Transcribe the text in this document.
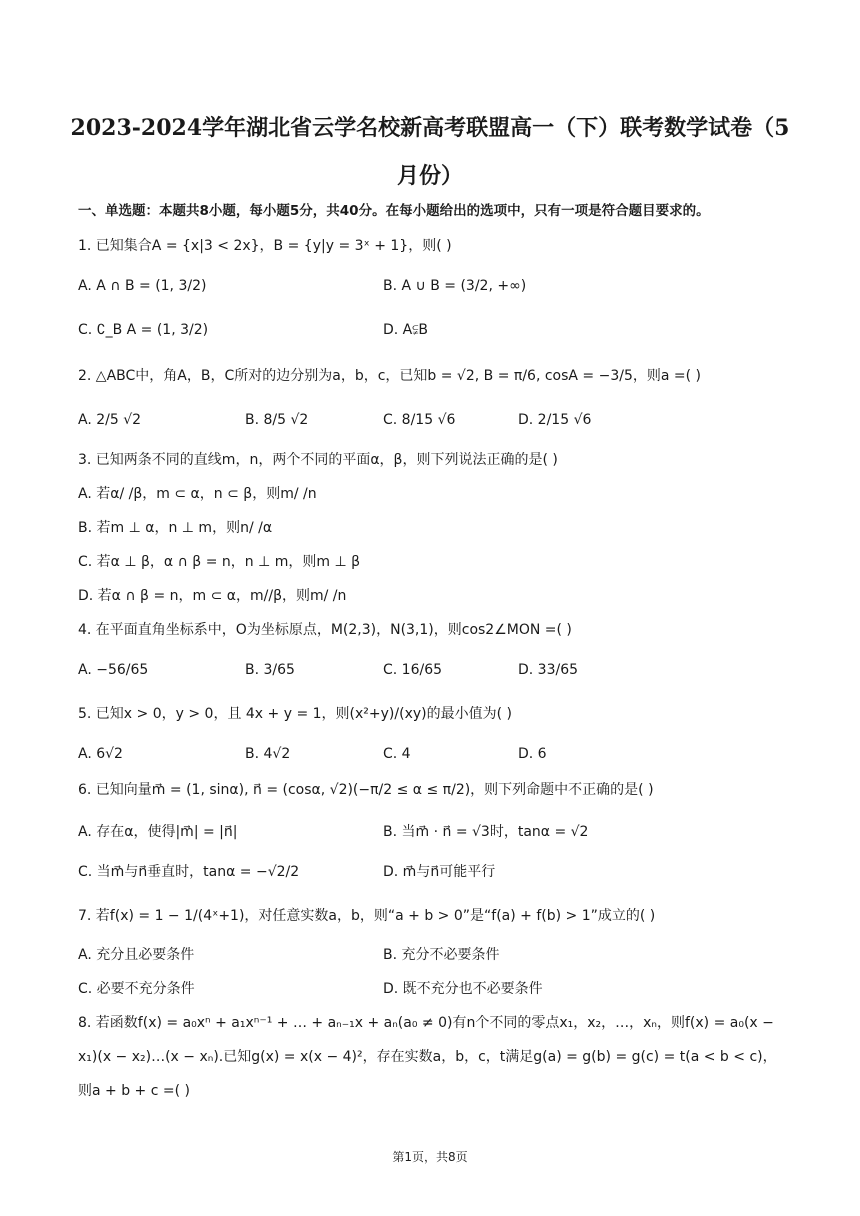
2023-2024学年湖北省云学名校新高考联盟高一（下）联考数学试卷（5
月份）
一、单选题：本题共8小题，每小题5分，共40分。在每小题给出的选项中，只有一项是符合题目要求的。
1. 已知集合A = {x|3 < 2x}，B = {y|y = 3ˣ + 1}，则( )
A. A ∩ B = (1, 3/2)	B. A ∪ B = (3/2, +∞)
C. ∁_B A = (1, 3/2)	D. A⫋B
2. △ABC中，角A，B，C所对的边分别为a，b，c，已知b = √2, B = π/6, cosA = −3/5，则a =( )
A. 2/5 √2	B. 8/5 √2	C. 8/15 √6	D. 2/15 √6
3. 已知两条不同的直线m，n，两个不同的平面α，β，则下列说法正确的是( )
A. 若α/ /β，m ⊂ α，n ⊂ β，则m/ /n
B. 若m ⊥ α，n ⊥ m，则n/ /α
C. 若α ⊥ β，α ∩ β = n，n ⊥ m，则m ⊥ β
D. 若α ∩ β = n，m ⊂ α，m//β，则m/ /n
4. 在平面直角坐标系中，O为坐标原点，M(2,3)，N(3,1)，则cos2∠MON =( )
A. −56/65	B. 3/65	C. 16/65	D. 33/65
5. 已知x > 0，y > 0，且 4x + y = 1，则(x²+y)/(xy)的最小值为( )
A. 6√2	B. 4√2	C. 4	D. 6
6. 已知向量m⃗ = (1, sinα), n⃗ = (cosα, √2)(−π/2 ≤ α ≤ π/2)，则下列命题中不正确的是( )
A. 存在α，使得|m⃗| = |n⃗|	B. 当m⃗ · n⃗ = √3时，tanα = √2
C. 当m⃗与n⃗垂直时，tanα = −√2/2	D. m⃗与n⃗可能平行
7. 若f(x) = 1 − 1/(4ˣ+1)，对任意实数a，b，则“a + b > 0”是“f(a) + f(b) > 1”成立的( )
A. 充分且必要条件	B. 充分不必要条件
C. 必要不充分条件	D. 既不充分也不必要条件
8. 若函数f(x) = a₀xⁿ + a₁xⁿ⁻¹ + … + aₙ₋₁x + aₙ(a₀ ≠ 0)有n个不同的零点x₁，x₂，…，xₙ，则f(x) = a₀(x −
x₁)(x − x₂)…(x − xₙ).已知g(x) = x(x − 4)²，存在实数a，b，c，t满足g(a) = g(b) = g(c) = t(a < b < c)，
则a + b + c =( )
第1页，共8页
